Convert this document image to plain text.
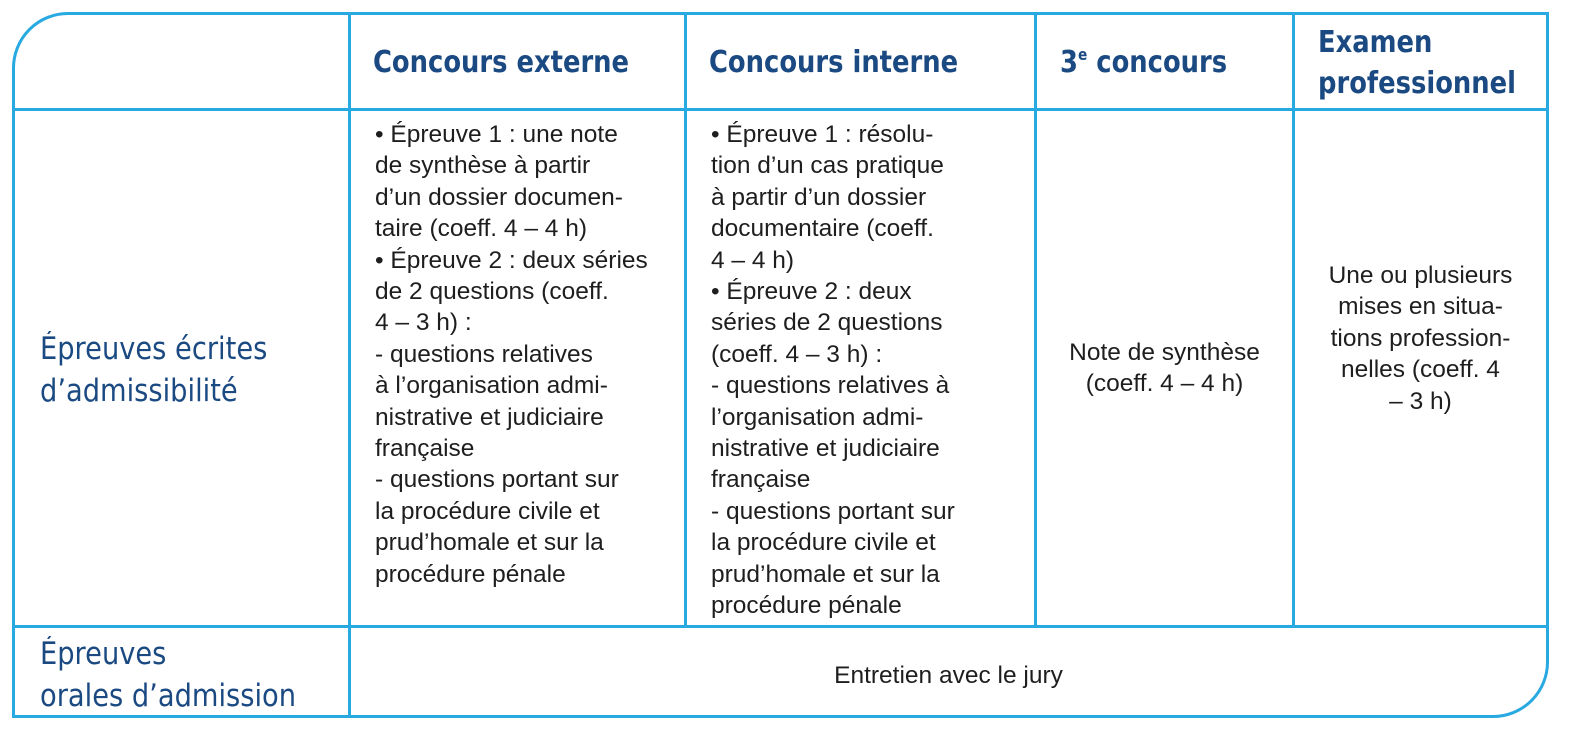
Concours externe	Concours interne	3e concours
Examen
professionnel
Épreuves écrites
d’admissibilité
• Épreuve 1 : une note
de synthèse à partir
d’un dossier documen-
taire (coeff. 4 – 4 h)
• Épreuve 2 : deux séries
de 2 questions (coeff.
4 – 3 h) :
- questions relatives
à l’organisation admi-
nistrative et judiciaire
française
- questions portant sur
la procédure civile et
prud’homale et sur la
procédure pénale
• Épreuve 1 : résolu-
tion d’un cas pratique
à partir d’un dossier
documentaire (coeff.
4 – 4 h)
• Épreuve 2 : deux
séries de 2 questions
(coeff. 4 – 3 h) :
- questions relatives à
l’organisation admi-
nistrative et judiciaire
française
- questions portant sur
la procédure civile et
prud’homale et sur la
procédure pénale
Note de synthèse
(coeff. 4 – 4 h)
Une ou plusieurs
mises en situa-
tions profession-
nelles (coeff. 4
– 3 h)
Épreuves
orales d’admission
Entretien avec le jury
